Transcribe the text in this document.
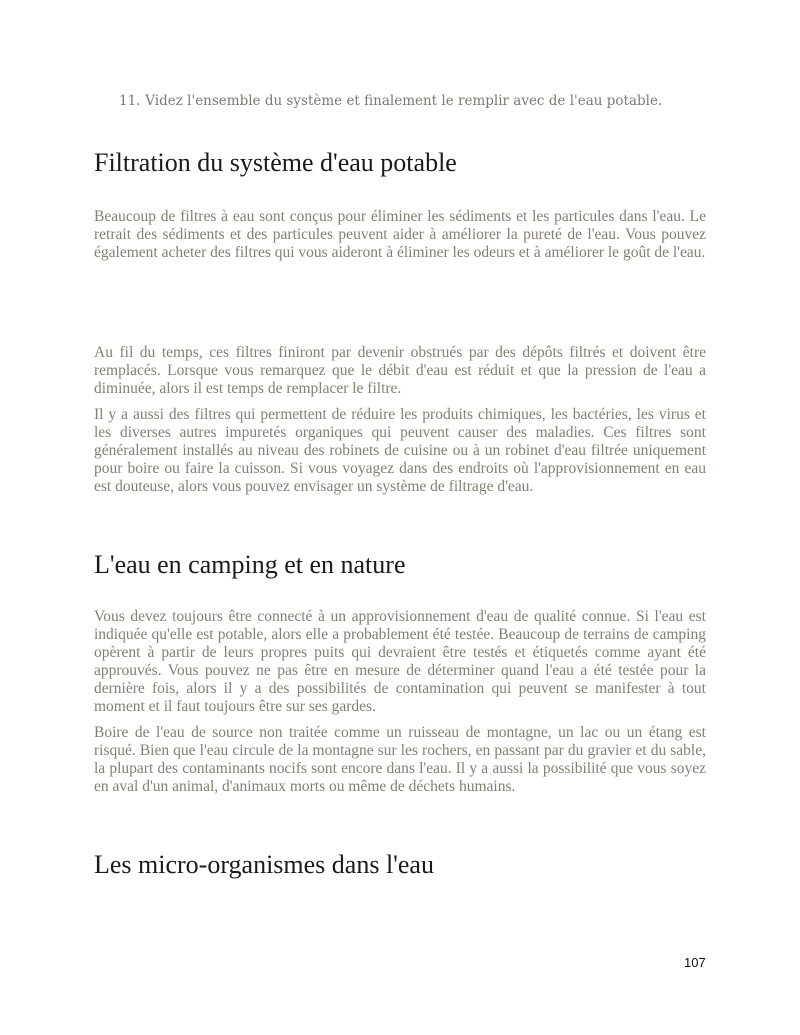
11. Videz l'ensemble du système et finalement le remplir avec de l'eau potable.
Filtration du système d'eau potable

Beaucoup de filtres à eau sont conçus pour éliminer les sédiments et les particules dans l'eau. Le retrait des sédiments et des particules peuvent aider à améliorer la pureté de l'eau. Vous pouvez également acheter des filtres qui vous aideront à éliminer les odeurs et à améliorer le goût de l'eau.

Au fil du temps, ces filtres finiront par devenir obstrués par des dépôts filtrés et doivent être remplacés. Lorsque vous remarquez que le débit d'eau est réduit et que la pression de l'eau a diminuée, alors il est temps de remplacer le filtre.

Il y a aussi des filtres qui permettent de réduire les produits chimiques, les bactéries, les virus et les diverses autres impuretés organiques qui peuvent causer des maladies. Ces filtres sont généralement installés au niveau des robinets de cuisine ou à un robinet d'eau filtrée uniquement pour boire ou faire la cuisson. Si vous voyagez dans des endroits où l'approvisionnement en eau est douteuse, alors vous pouvez envisager un système de filtrage d'eau.

L'eau en camping et en nature

Vous devez toujours être connecté à un approvisionnement d'eau de qualité connue. Si l'eau est indiquée qu'elle est potable, alors elle a probablement été testée. Beaucoup de terrains de camping opèrent à partir de leurs propres puits qui devraient être testés et étiquetés comme ayant été approuvés. Vous pouvez ne pas être en mesure de déterminer quand l'eau a été testée pour la dernière fois, alors il y a des possibilités de contamination qui peuvent se manifester à tout moment et il faut toujours être sur ses gardes.

Boire de l'eau de source non traitée comme un ruisseau de montagne, un lac ou un étang est risqué. Bien que l'eau circule de la montagne sur les rochers, en passant par du gravier et du sable, la plupart des contaminants nocifs sont encore dans l'eau. Il y a aussi la possibilité que vous soyez en aval d'un animal, d'animaux morts ou même de déchets humains.

Les micro-organismes dans l'eau
107
